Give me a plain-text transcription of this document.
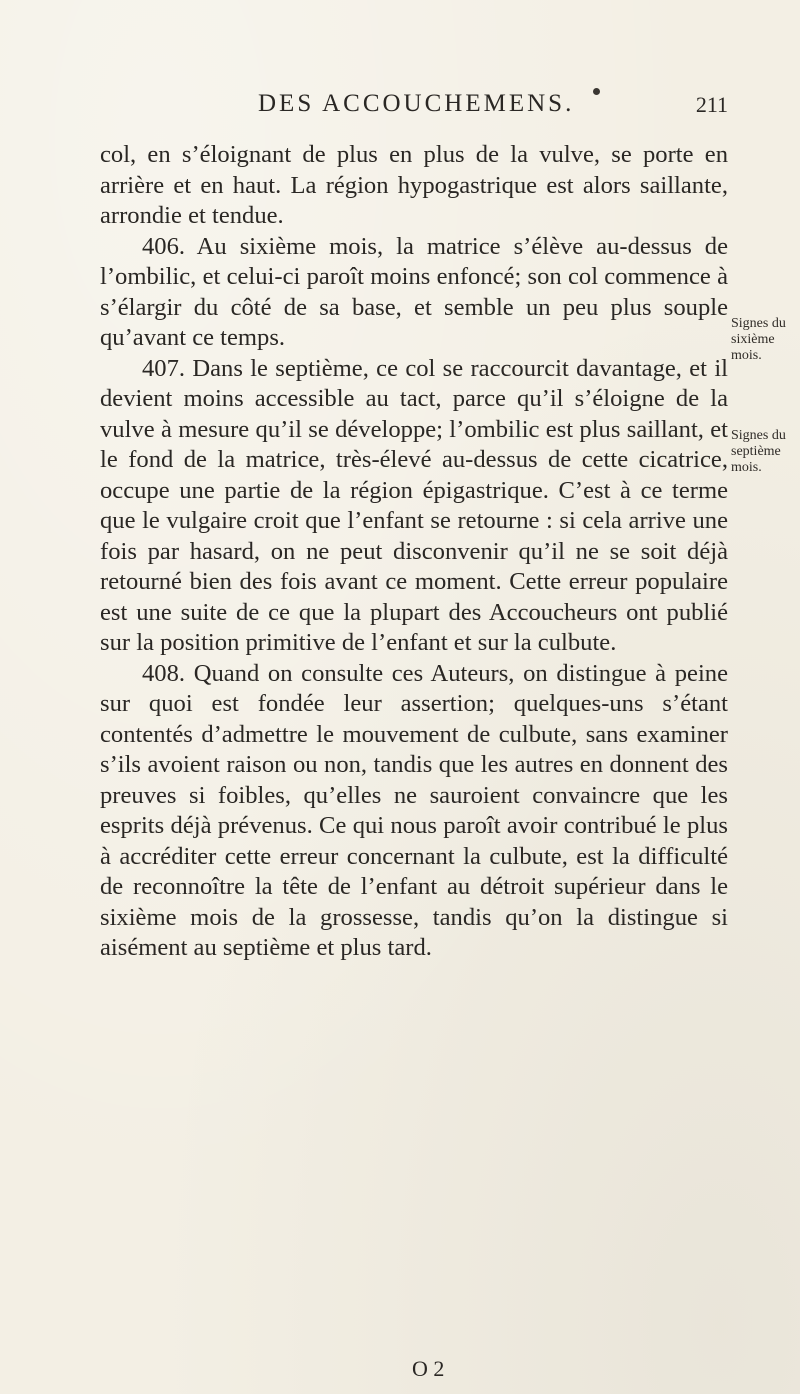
DES ACCOUCHEMENS.	211

col, en s’éloignant de plus en plus de la vulve, se porte en arrière et en haut. La région hypogastrique est alors saillante, arrondie et tendue.

406. Au sixième mois, la matrice s’élève au-dessus de l’ombilic, et celui-ci paroît moins enfoncé; son col commence à s’élargir du côté de sa base, et semble un peu plus souple qu’avant ce temps.

407. Dans le septième, ce col se raccourcit davantage, et il devient moins accessible au tact, parce qu’il s’éloigne de la vulve à mesure qu’il se développe; l’ombilic est plus saillant, et le fond de la matrice, très-élevé au-dessus de cette cicatrice, occupe une partie de la région épigastrique. C’est à ce terme que le vulgaire croit que l’enfant se retourne : si cela arrive une fois par hasard, on ne peut disconvenir qu’il ne se soit déjà retourné bien des fois avant ce moment. Cette erreur populaire est une suite de ce que la plupart des Accoucheurs ont publié sur la position primitive de l’enfant et sur la culbute.

408. Quand on consulte ces Auteurs, on distingue à peine sur quoi est fondée leur assertion; quelques-uns s’étant contentés d’admettre le mouvement de culbute, sans examiner s’ils avoient raison ou non, tandis que les autres en donnent des preuves si foibles, qu’elles ne sauroient convaincre que les esprits déjà prévenus. Ce qui nous paroît avoir contribué le plus à accréditer cette erreur concernant la culbute, est la difficulté de reconnoître la tête de l’enfant au détroit supérieur dans le sixième mois de la grossesse, tandis qu’on la distingue si aisément au septième et plus tard.

Signes du sixième mois.
Signes du septième mois.
O 2
